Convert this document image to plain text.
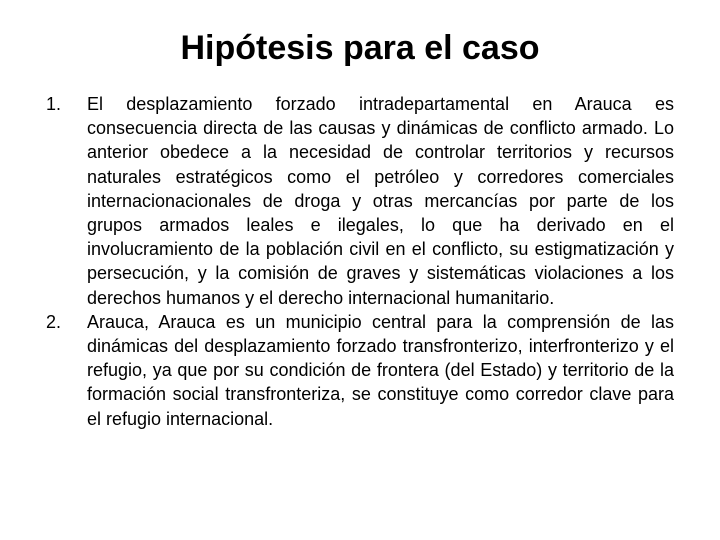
Hipótesis para el caso
1.	El desplazamiento forzado intradepartamental en Arauca es consecuencia directa de las causas y dinámicas de conflicto armado. Lo anterior obedece a la necesidad de controlar territorios y recursos naturales estratégicos como el petróleo y corredores comerciales internacionacionales de droga y otras mercancías por parte de los grupos armados leales e ilegales, lo que ha derivado en el involucramiento de la población civil en el conflicto, su estigmatización y persecución, y la comisión de graves y sistemáticas violaciones a los derechos humanos y el derecho internacional humanitario.
2.	Arauca, Arauca es un municipio central para la comprensión de las dinámicas del desplazamiento forzado transfronterizo, interfronterizo y el refugio, ya que por su condición de frontera (del Estado) y territorio de la formación social transfronteriza, se constituye como corredor clave para el refugio internacional.
